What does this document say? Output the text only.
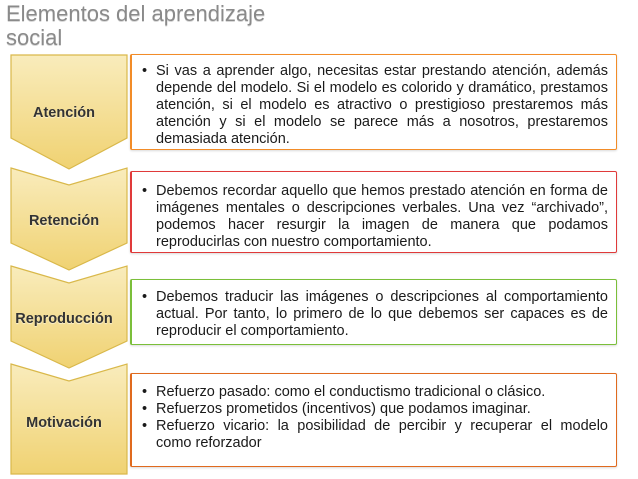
Elementos del aprendizaje
social
Atención
• Si vas a aprender algo, necesitas estar prestando atención, además depende del modelo. Si el modelo es colorido y dramático, prestamos atención, si el modelo es atractivo o prestigioso prestaremos más atención y si el modelo se parece más a nosotros, prestaremos demasiada atención.
Retención
• Debemos recordar aquello que hemos prestado atención en forma de imágenes mentales o descripciones verbales. Una vez “archivado”, podemos hacer resurgir la imagen de manera que podamos reproducirlas con nuestro comportamiento.
Reproducción
• Debemos traducir las imágenes o descripciones al comportamiento actual. Por tanto, lo primero de lo que debemos ser capaces es de reproducir el comportamiento.
Motivación
• Refuerzo pasado: como el conductismo tradicional o clásico.
• Refuerzos prometidos (incentivos) que podamos imaginar.
• Refuerzo vicario: la posibilidad de percibir y recuperar el modelo como reforzador
